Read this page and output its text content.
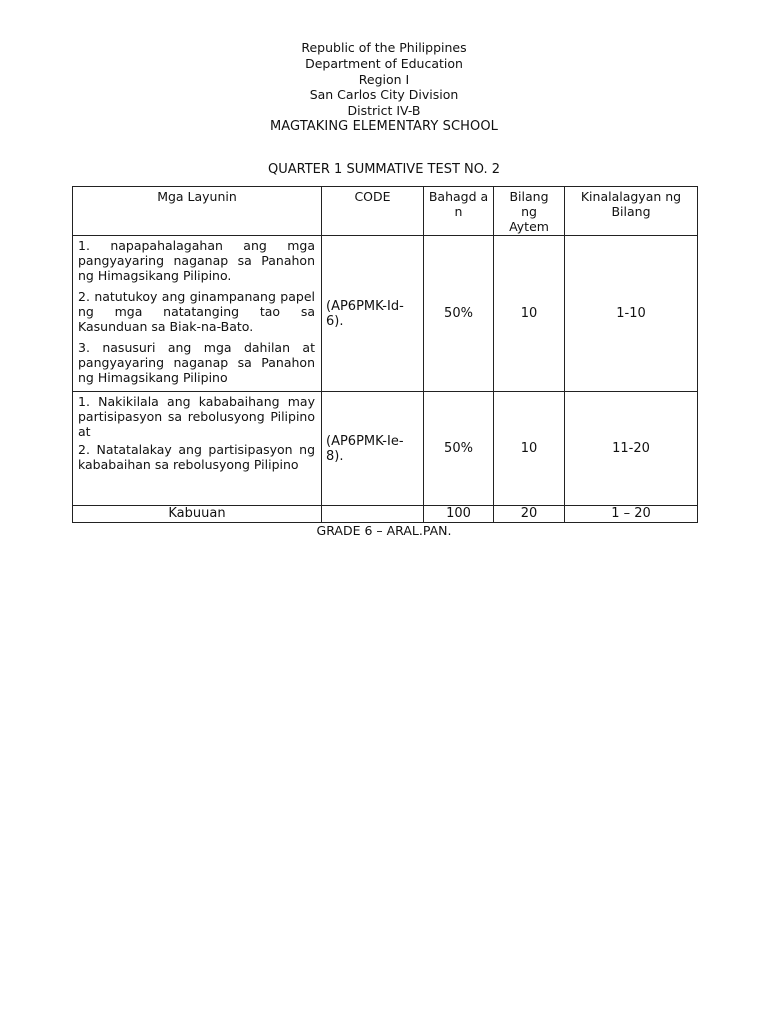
Republic of the Philippines
Department of Education
Region I
San Carlos City Division
District IV-B
MAGTAKING ELEMENTARY SCHOOL
QUARTER 1 SUMMATIVE TEST NO. 2
Mga Layunin	CODE	Bahagd an	Bilang ng Aytem	Kinalalagyan ng Bilang

1. napapahalagahan ang mga pangyayaring naganap sa Panahon ng Himagsikang Pilipino.

2. natutukoy ang ginampanang papel ng mga natatanging tao sa Kasunduan sa Biak-na-Bato.

3. nasusuri ang mga dahilan at pangyayaring naganap sa Panahon ng Himagsikang Pilipino	(AP6PMK-Id-6).	50%	10	1-10

1. Nakikilala ang kababaihang may partisipasyon sa rebolusyong Pilipino at

2. Natatalakay ang partisipasyon ng kababaihan sa rebolusyong Pilipino	(AP6PMK-Ie-8).	50%	10	11-20
Kabuuan		100	20	1 – 20
GRADE 6 – ARAL.PAN.
